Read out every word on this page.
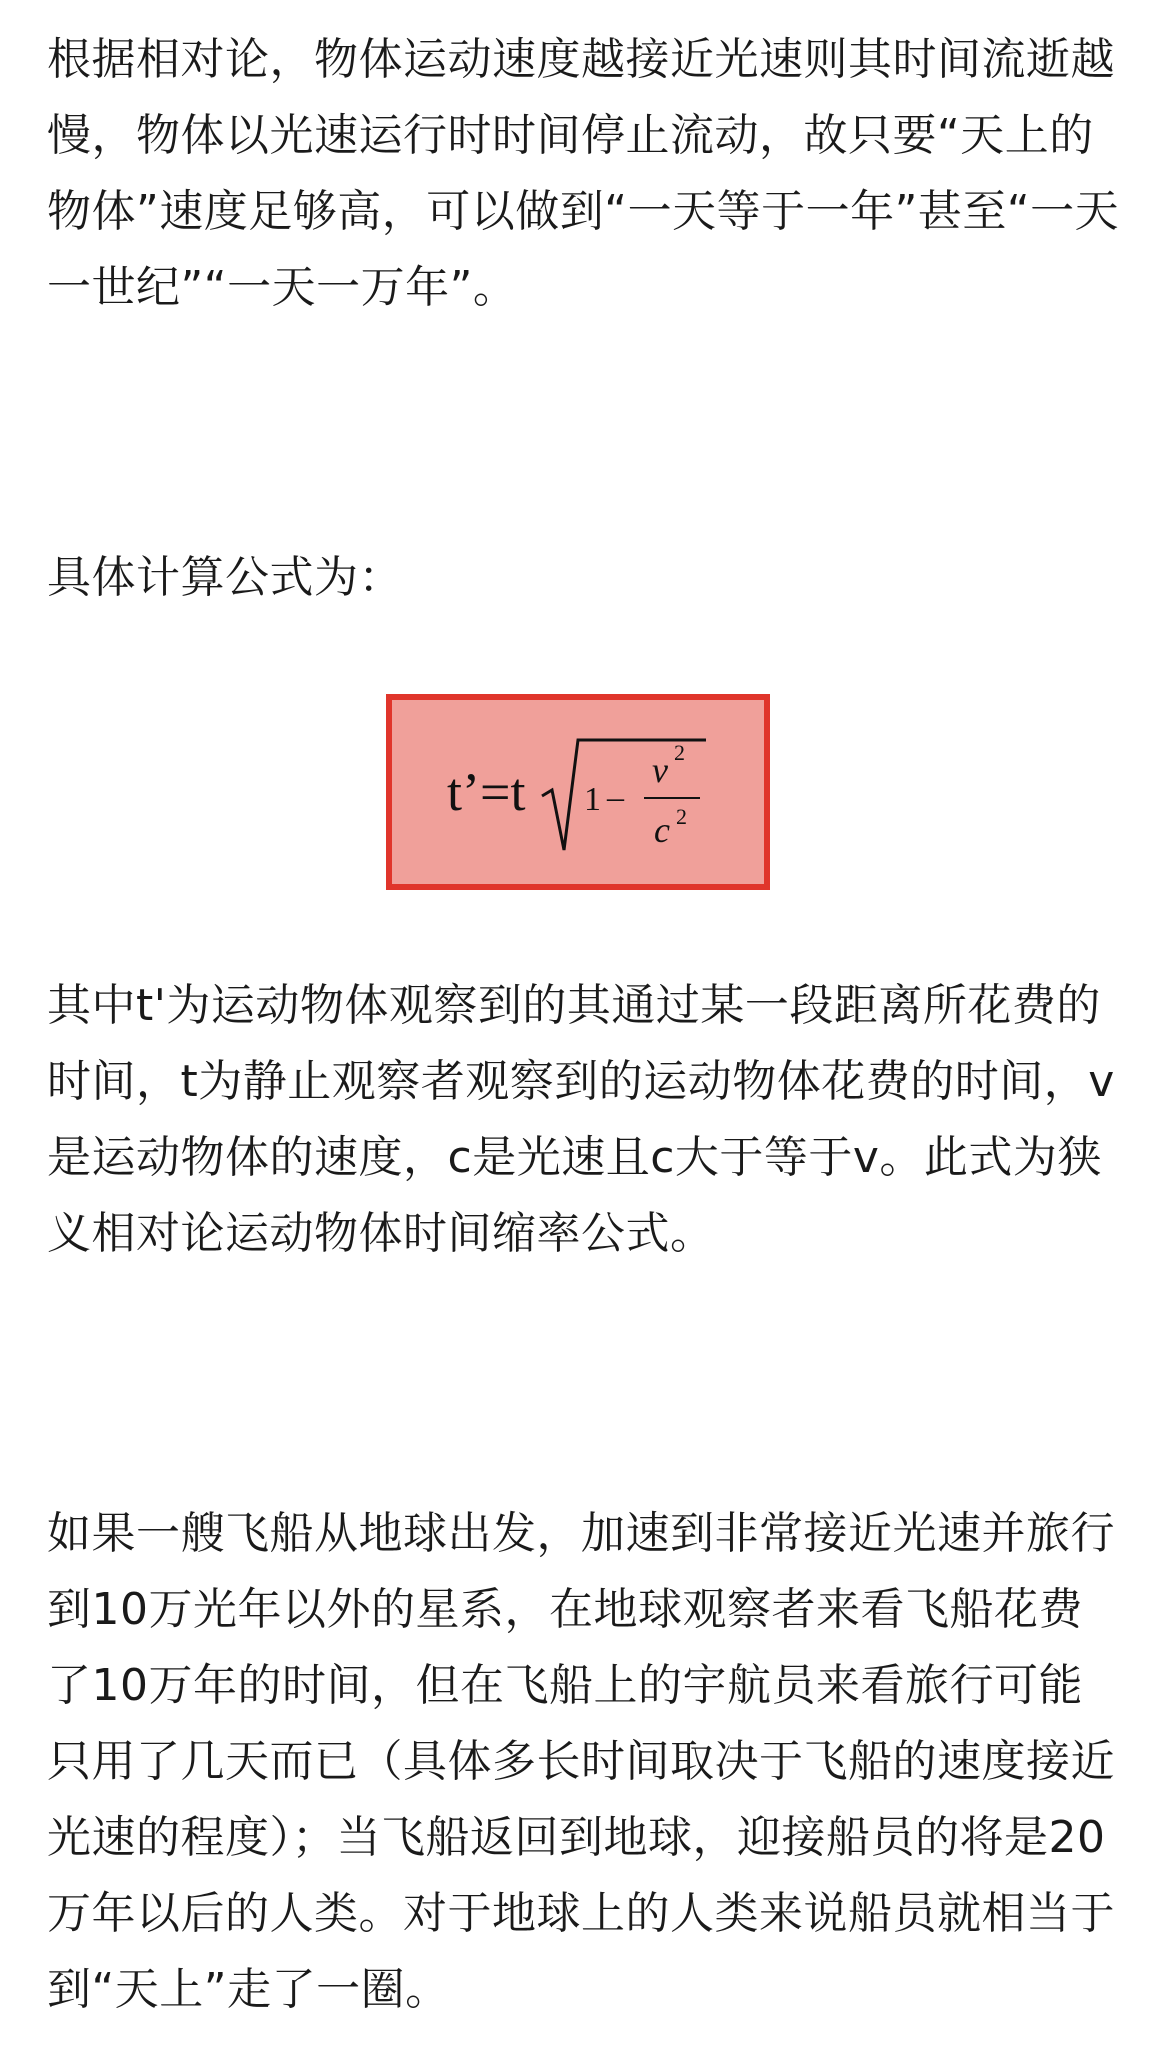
根据相对论，物体运动速度越接近光速则其时间流逝越慢，物体以光速运行时时间停止流动，故只要“天上的物体”速度足够高，可以做到“一天等于一年”甚至“一天一世纪”“一天一万年”。

具体计算公式为：

t’=t 1 –
v 2
c 2

其中t'为运动物体观察到的其通过某一段距离所花费的时间，t为静止观察者观察到的运动物体花费的时间，v是运动物体的速度，c是光速且c大于等于v。此式为狭义相对论运动物体时间缩率公式。

如果一艘飞船从地球出发，加速到非常接近光速并旅行到10万光年以外的星系，在地球观察者来看飞船花费了10万年的时间，但在飞船上的宇航员来看旅行可能只用了几天而已（具体多长时间取决于飞船的速度接近光速的程度）；当飞船返回到地球，迎接船员的将是20万年以后的人类。对于地球上的人类来说船员就相当于到“天上”走了一圈。
